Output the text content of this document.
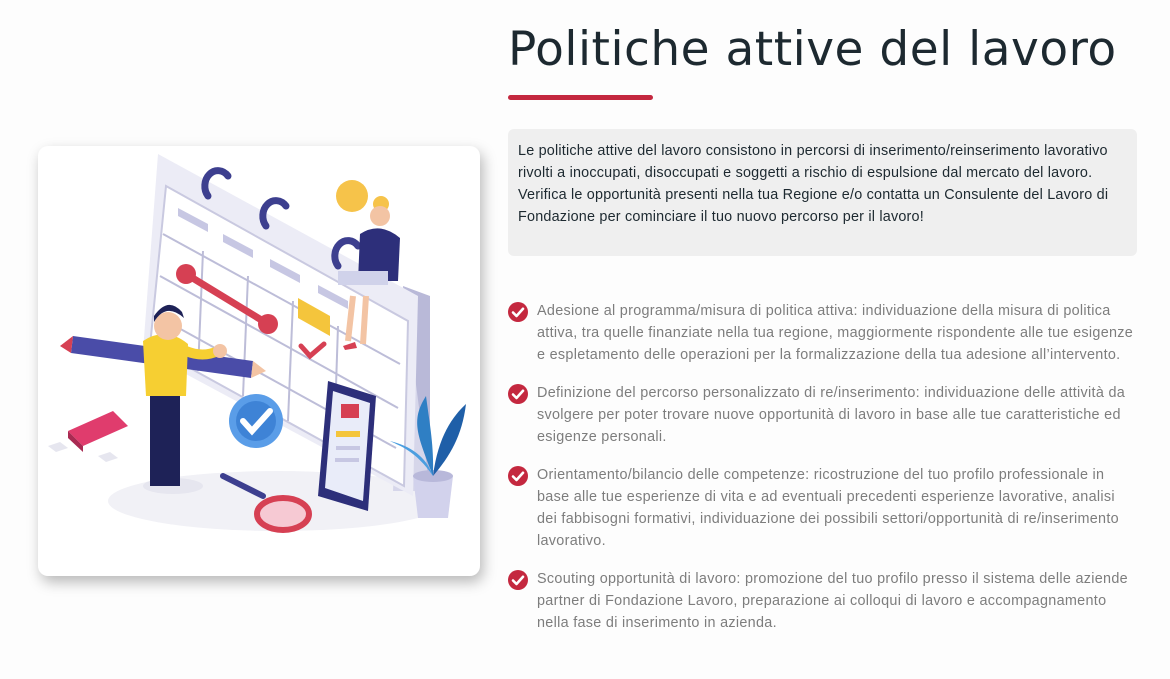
Politiche attive del lavoro
Le politiche attive del lavoro consistono in percorsi di inserimento/reinserimento lavorativo rivolti a inoccupati, disoccupati e soggetti a rischio di espulsione dal mercato del lavoro. Verifica le opportunità presenti nella tua Regione e/o contatta un Consulente del Lavoro di Fondazione per cominciare il tuo nuovo percorso per il lavoro!
Adesione al programma/misura di politica attiva: individuazione della misura di politica attiva, tra quelle finanziate nella tua regione, maggiormente rispondente alle tue esigenze e espletamento delle operazioni per la formalizzazione della tua adesione all’intervento.
Definizione del percorso personalizzato di re/inserimento: individuazione delle attività da svolgere per poter trovare nuove opportunità di lavoro in base alle tue caratteristiche ed esigenze personali.
Orientamento/bilancio delle competenze: ricostruzione del tuo profilo professionale in base alle tue esperienze di vita e ad eventuali precedenti esperienze lavorative, analisi dei fabbisogni formativi, individuazione dei possibili settori/opportunità di re/inserimento lavorativo.
Scouting opportunità di lavoro: promozione del tuo profilo presso il sistema delle aziende partner di Fondazione Lavoro, preparazione ai colloqui di lavoro e accompagnamento nella fase di inserimento in azienda.
